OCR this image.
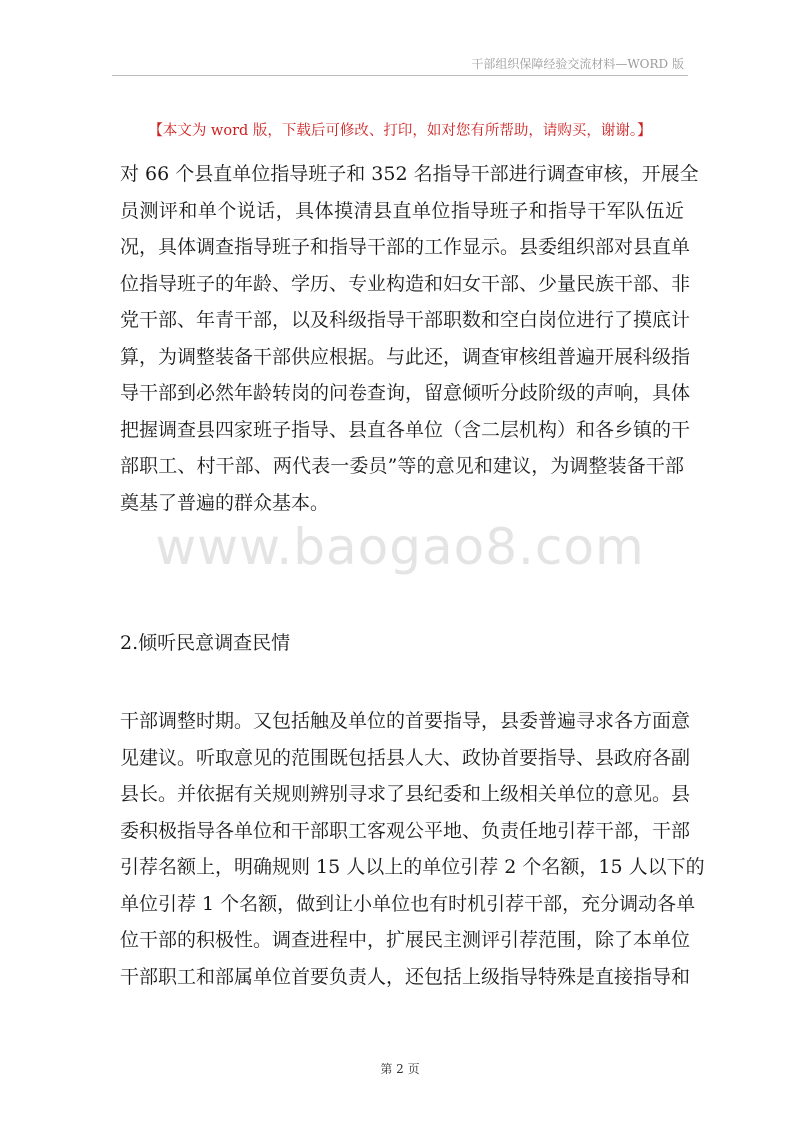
干部组织保障经验交流材料—WORD 版
【本文为 word 版，下载后可修改、打印，如对您有所帮助，请购买，谢谢。】
www.baogao8.com
对 66 个县直单位指导班子和 352 名指导干部进行调查审核，开展全
员测评和单个说话，具体摸清县直单位指导班子和指导干军队伍近
况，具体调查指导班子和指导干部的工作显示。县委组织部对县直单
位指导班子的年龄、学历、专业构造和妇女干部、少量民族干部、非
党干部、年青干部，以及科级指导干部职数和空白岗位进行了摸底计
算，为调整装备干部供应根据。与此还，调查审核组普遍开展科级指
导干部到必然年龄转岗的问卷查询，留意倾听分歧阶级的声响，具体
把握调查县四家班子指导、县直各单位（含二层机构）和各乡镇的干
部职工、村干部、两代表一委员”等的意见和建议，为调整装备干部
奠基了普遍的群众基本。
2.倾听民意调查民情
干部调整时期。又包括触及单位的首要指导，县委普遍寻求各方面意
见建议。听取意见的范围既包括县人大、政协首要指导、县政府各副
县长。并依据有关规则辨别寻求了县纪委和上级相关单位的意见。县
委积极指导各单位和干部职工客观公平地、负责任地引荐干部，干部
引荐名额上，明确规则 15 人以上的单位引荐 2 个名额，15 人以下的
单位引荐 1 个名额，做到让小单位也有时机引荐干部，充分调动各单
位干部的积极性。调查进程中，扩展民主测评引荐范围，除了本单位
干部职工和部属单位首要负责人，还包括上级指导特殊是直接指导和
第 2 页
